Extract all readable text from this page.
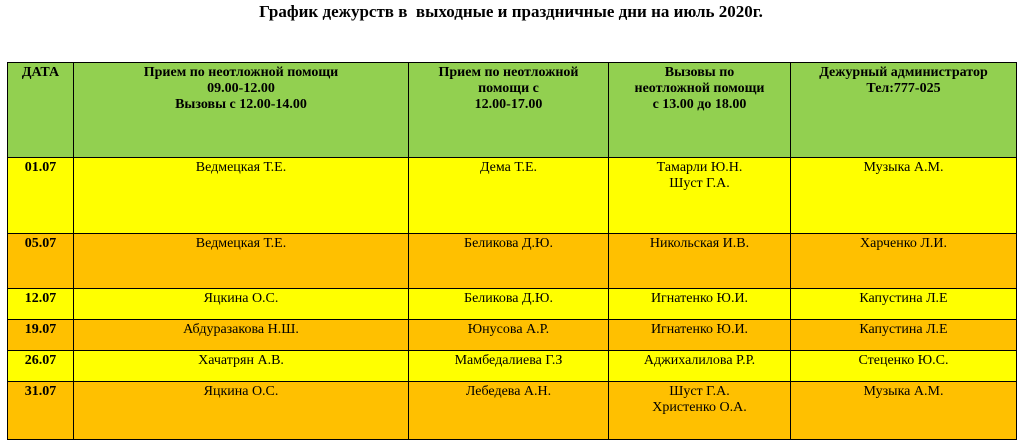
График дежурств в  выходные и праздничные дни на июль 2020г.
ДАТА	Прием по неотложной помощи
09.00-12.00
Вызовы с 12.00-14.00	Прием по неотложной
помощи с
12.00-17.00	Вызовы по
неотложной помощи
с 13.00 до 18.00	Дежурный администратор
Тел:777-025

01.07	Ведмецкая Т.Е.	Дема Т.Е.	Тамарли Ю.Н.
Шуст Г.А.	Музыка А.М.

05.07	Ведмецкая Т.Е.	Беликова Д.Ю.	Никольская И.В.	Харченко Л.И.

12.07	Яцкина О.С.	Беликова Д.Ю.	Игнатенко Ю.И.	Капустина Л.Е

19.07	Абдуразакова Н.Ш.	Юнусова А.Р.	Игнатенко Ю.И.	Капустина Л.Е

26.07	Хачатрян А.В.	Мамбедалиева Г.З	Аджихалилова Р.Р.	Стеценко Ю.С.

31.07	Яцкина О.С.	Лебедева А.Н.	Шуст Г.А.
Христенко О.А.	Музыка А.М.
